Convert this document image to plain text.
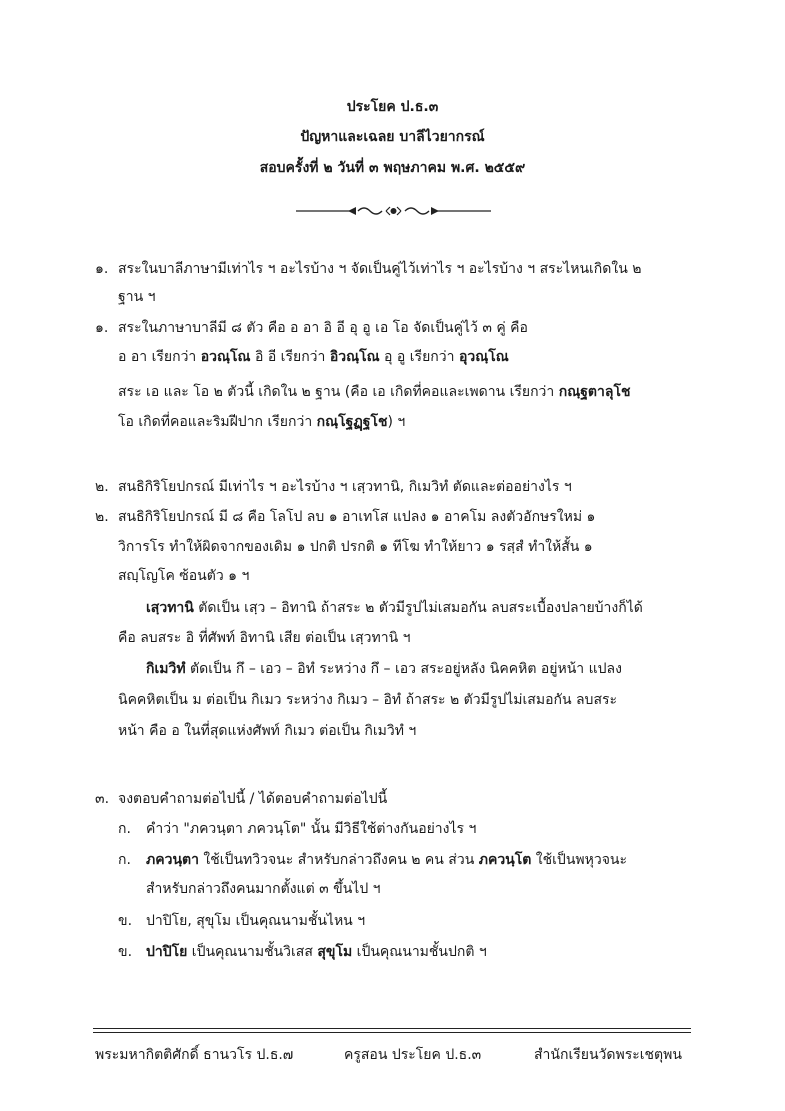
ประโยค ป.ธ.๓
ปัญหาและเฉลย บาลีไวยากรณ์
สอบครั้งที่ ๒ วันที่ ๓ พฤษภาคม พ.ศ. ๒๕๕๙
๑. สระในบาลีภาษามีเท่าไร ฯ อะไรบ้าง ฯ จัดเป็นคู่ไว้เท่าไร ฯ อะไรบ้าง ฯ สระไหนเกิดใน ๒
ฐาน ฯ
๑. สระในภาษาบาลีมี ๘ ตัว คือ อ อา อิ อี อุ อู เอ โอ จัดเป็นคู่ไว้ ๓ คู่ คือ
อ อา เรียกว่า อวณฺโณ อิ อี เรียกว่า อิวณฺโณ อุ อู เรียกว่า อุวณฺโณ
สระ เอ และ โอ ๒ ตัวนี้ เกิดใน ๒ ฐาน (คือ เอ เกิดที่คอและเพดาน เรียกว่า กณฺฐตาลุโช
โอ เกิดที่คอและริมฝีปาก เรียกว่า กณฺโฐฏฺฐโช) ฯ
๒. สนธิกิริโยปกรณ์ มีเท่าไร ฯ อะไรบ้าง ฯ เสฺวทานิ, กิเมวิทํ ตัดและต่ออย่างไร ฯ
๒. สนธิกิริโยปกรณ์ มี ๘ คือ โลโป ลบ ๑ อาเทโส แปลง ๑ อาคโม ลงตัวอักษรใหม่ ๑
วิการโร ทำให้ผิดจากของเดิม ๑ ปกติ ปรกติ ๑ ทีโฆ ทำให้ยาว ๑ รสฺสํ ทำให้สั้น ๑
สญฺโญโค ซ้อนตัว ๑ ฯ
เสฺวทานิ ตัดเป็น เสฺว – อิทานิ ถ้าสระ ๒ ตัวมีรูปไม่เสมอกัน ลบสระเบื้องปลายบ้างก็ได้
คือ ลบสระ อิ ที่ศัพท์ อิทานิ เสีย ต่อเป็น เสฺวทานิ ฯ
กิเมวิทํ ตัดเป็น กึ – เอว – อิทํ ระหว่าง กึ – เอว สระอยู่หลัง นิคคหิต อยู่หน้า แปลง
นิคคหิตเป็น ม ต่อเป็น กิเมว ระหว่าง กิเมว – อิทํ ถ้าสระ ๒ ตัวมีรูปไม่เสมอกัน ลบสระ
หน้า คือ อ ในที่สุดแห่งศัพท์ กิเมว ต่อเป็น กิเมวิทํ ฯ
๓. จงตอบคำถามต่อไปนี้ / ได้ตอบคำถามต่อไปนี้
ก. คำว่า "ภควนฺตา ภควนฺโต" นั้น มีวิธีใช้ต่างกันอย่างไร ฯ
ก. ภควนฺตา ใช้เป็นทวิวจนะ สำหรับกล่าวถึงคน ๒ คน ส่วน ภควนฺโต ใช้เป็นพหุวจนะ
สำหรับกล่าวถึงคนมากตั้งแต่ ๓ ขึ้นไป ฯ
ข. ปาปิโย, สุขุโม เป็นคุณนามชั้นไหน ฯ
ข. ปาปิโย เป็นคุณนามชั้นวิเสส สุขุโม เป็นคุณนามชั้นปกติ ฯ
พระมหากิตติศักดิ์ ธานวโร ป.ธ.๗	ครูสอน ประโยค ป.ธ.๓	สำนักเรียนวัดพระเชตุพน
